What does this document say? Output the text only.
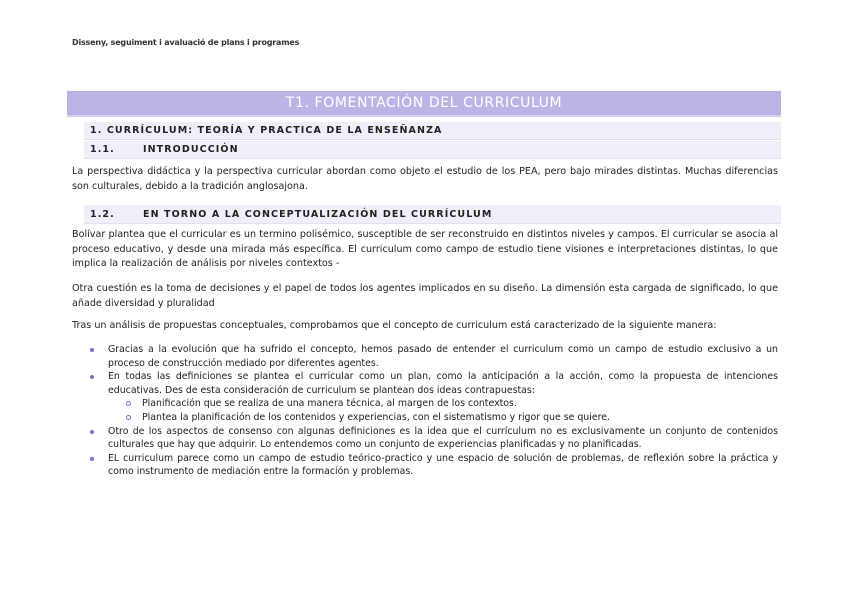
Disseny, seguiment i avaluació de plans i programes
T1. FOMENTACIÓN DEL CURRICULUM
1. CURRÍCULUM: TEORÍA Y PRACTICA DE LA ENSEÑANZA
1.1.	INTRODUCCIÓN
La perspectiva didáctica y la perspectiva curricular abordan como objeto el estudio de los PEA, pero bajo mirades distintas. Muchas diferencias son culturales, debido a la tradición anglosajona.
1.2.	EN TORNO A LA CONCEPTUALIZACIÓN DEL CURRÍCULUM
Bolívar plantea que el curricular es un termino polisémico, susceptible de ser reconstruido en distintos niveles y campos. El curricular se asocia al proceso educativo, y desde una mirada más específica. El curriculum como campo de estudio tiene visiones e interpretaciones distintas, lo que implica la realización de análisis por niveles contextos -
Otra cuestión es la toma de decisiones y el papel de todos los agentes implicados en su diseño. La dimensión esta cargada de significado, lo que añade diversidad y pluralidad
Tras un análisis de propuestas conceptuales, comprobamos que el concepto de curriculum está caracterizado de la siguiente manera:
Gracias a la evolución que ha sufrido el concepto, hemos pasado de entender el curriculum como un campo de estudio exclusivo a un proceso de construcción mediado por diferentes agentes.
En todas las definiciones se plantea el curricular como un plan, como la anticipación a la acción, como la propuesta de intenciones educativas. Des de esta consideración de curriculum se plantean dos ideas contrapuestas:
Planificación que se realiza de una manera técnica, al margen de los contextos.
Plantea la planificación de los contenidos y experiencias, con el sistematismo y rigor que se quiere.
Otro de los aspectos de consenso con algunas definiciones es la idea que el currículum no es exclusivamente un conjunto de contenidos culturales que hay que adquirir. Lo entendemos como un conjunto de experiencias planificadas y no planificadas.
EL curriculum parece como un campo de estudio teórico-practico y une espacio de solución de problemas, de reflexión sobre la práctica y como instrumento de mediación entre la formación y problemas.
